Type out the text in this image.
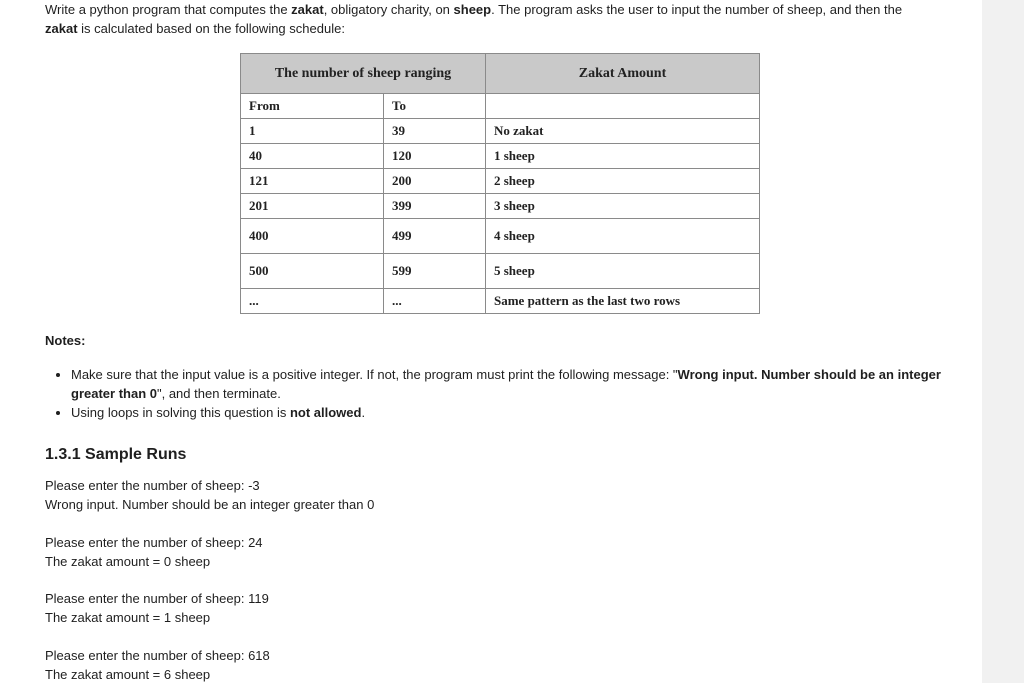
Write a python program that computes the zakat, obligatory charity, on sheep. The program asks the user to input the number of sheep, and then the zakat is calculated based on the following schedule:

The number of sheep ranging		Zakat Amount
From	To	
1	39	No zakat
40	120	1 sheep
121	200	2 sheep
201	399	3 sheep
400	499	4 sheep
500	599	5 sheep
...	...	Same pattern as the last two rows
Notes:
• Make sure that the input value is a positive integer. If not, the program must print the following message: "Wrong input. Number should be an integer greater than 0", and then terminate.
• Using loops in solving this question is not allowed.
1.3.1 Sample Runs
Please enter the number of sheep: -3
Wrong input. Number should be an integer greater than 0
Please enter the number of sheep: 24
The zakat amount = 0 sheep
Please enter the number of sheep: 119
The zakat amount = 1 sheep
Please enter the number of sheep: 618
The zakat amount = 6 sheep
